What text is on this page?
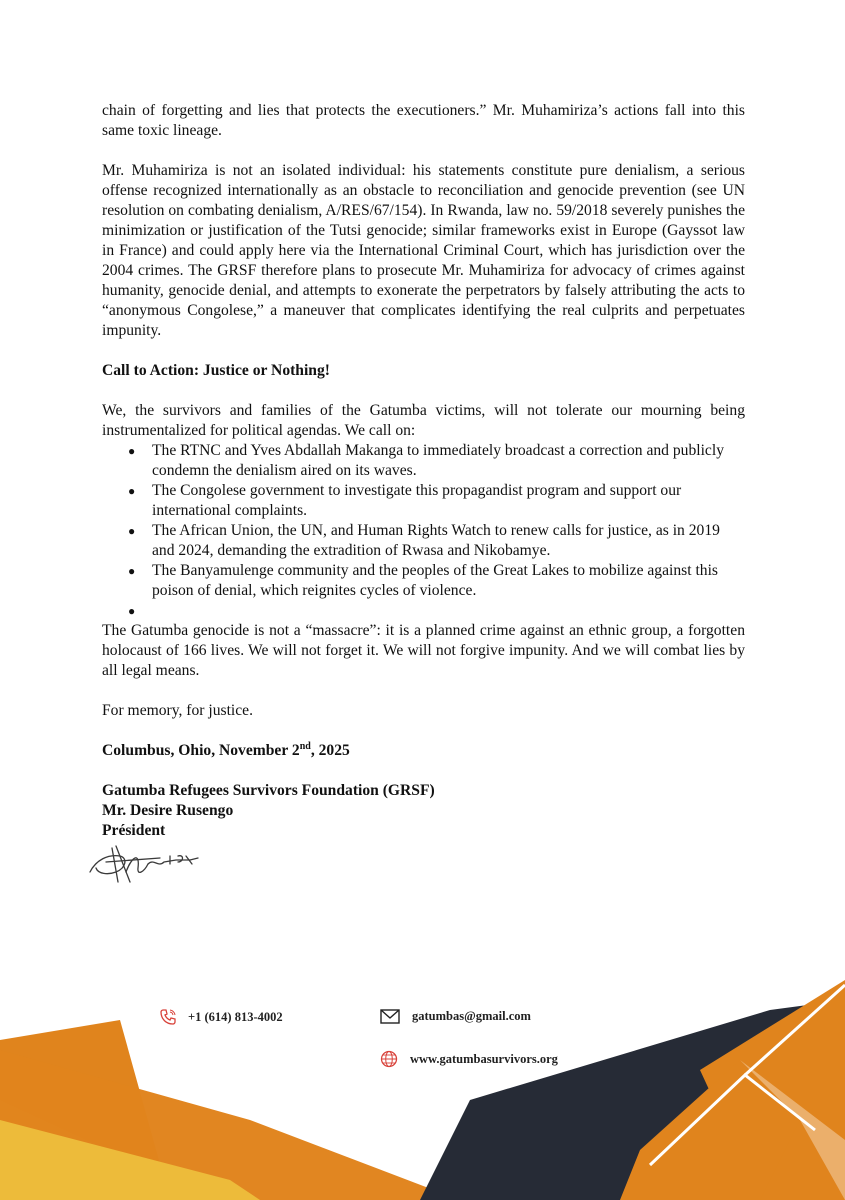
chain of forgetting and lies that protects the executioners.” Mr. Muhamiriza’s actions fall into this same toxic lineage.

Mr. Muhamiriza is not an isolated individual: his statements constitute pure denialism, a serious offense recognized internationally as an obstacle to reconciliation and genocide prevention (see UN resolution on combating denialism, A/RES/67/154). In Rwanda, law no. 59/2018 severely punishes the minimization or justification of the Tutsi genocide; similar frameworks exist in Europe (Gayssot law in France) and could apply here via the International Criminal Court, which has jurisdiction over the 2004 crimes. The GRSF therefore plans to prosecute Mr. Muhamiriza for advocacy of crimes against humanity, genocide denial, and attempts to exonerate the perpetrators by falsely attributing the acts to “anonymous Congolese,” a maneuver that complicates identifying the real culprits and perpetuates impunity.

Call to Action: Justice or Nothing!

We, the survivors and families of the Gatumba victims, will not tolerate our mourning being instrumentalized for political agendas. We call on:

● The RTNC and Yves Abdallah Makanga to immediately broadcast a correction and publicly condemn the denialism aired on its waves.
● The Congolese government to investigate this propagandist program and support our international complaints.
● The African Union, the UN, and Human Rights Watch to renew calls for justice, as in 2019 and 2024, demanding the extradition of Rwasa and Nikobamye.
● The Banyamulenge community and the peoples of the Great Lakes to mobilize against this poison of denial, which reignites cycles of violence.
●

The Gatumba genocide is not a “massacre”: it is a planned crime against an ethnic group, a forgotten holocaust of 166 lives. We will not forget it. We will not forgive impunity. And we will combat lies by all legal means.

For memory, for justice.

Columbus, Ohio, November 2nd, 2025

Gatumba Refugees Survivors Foundation (GRSF)

Mr. Desire Rusengo

Président

+1 (614) 813-4002	gatumbas@gmail.com
www.gatumbasurvivors.org
